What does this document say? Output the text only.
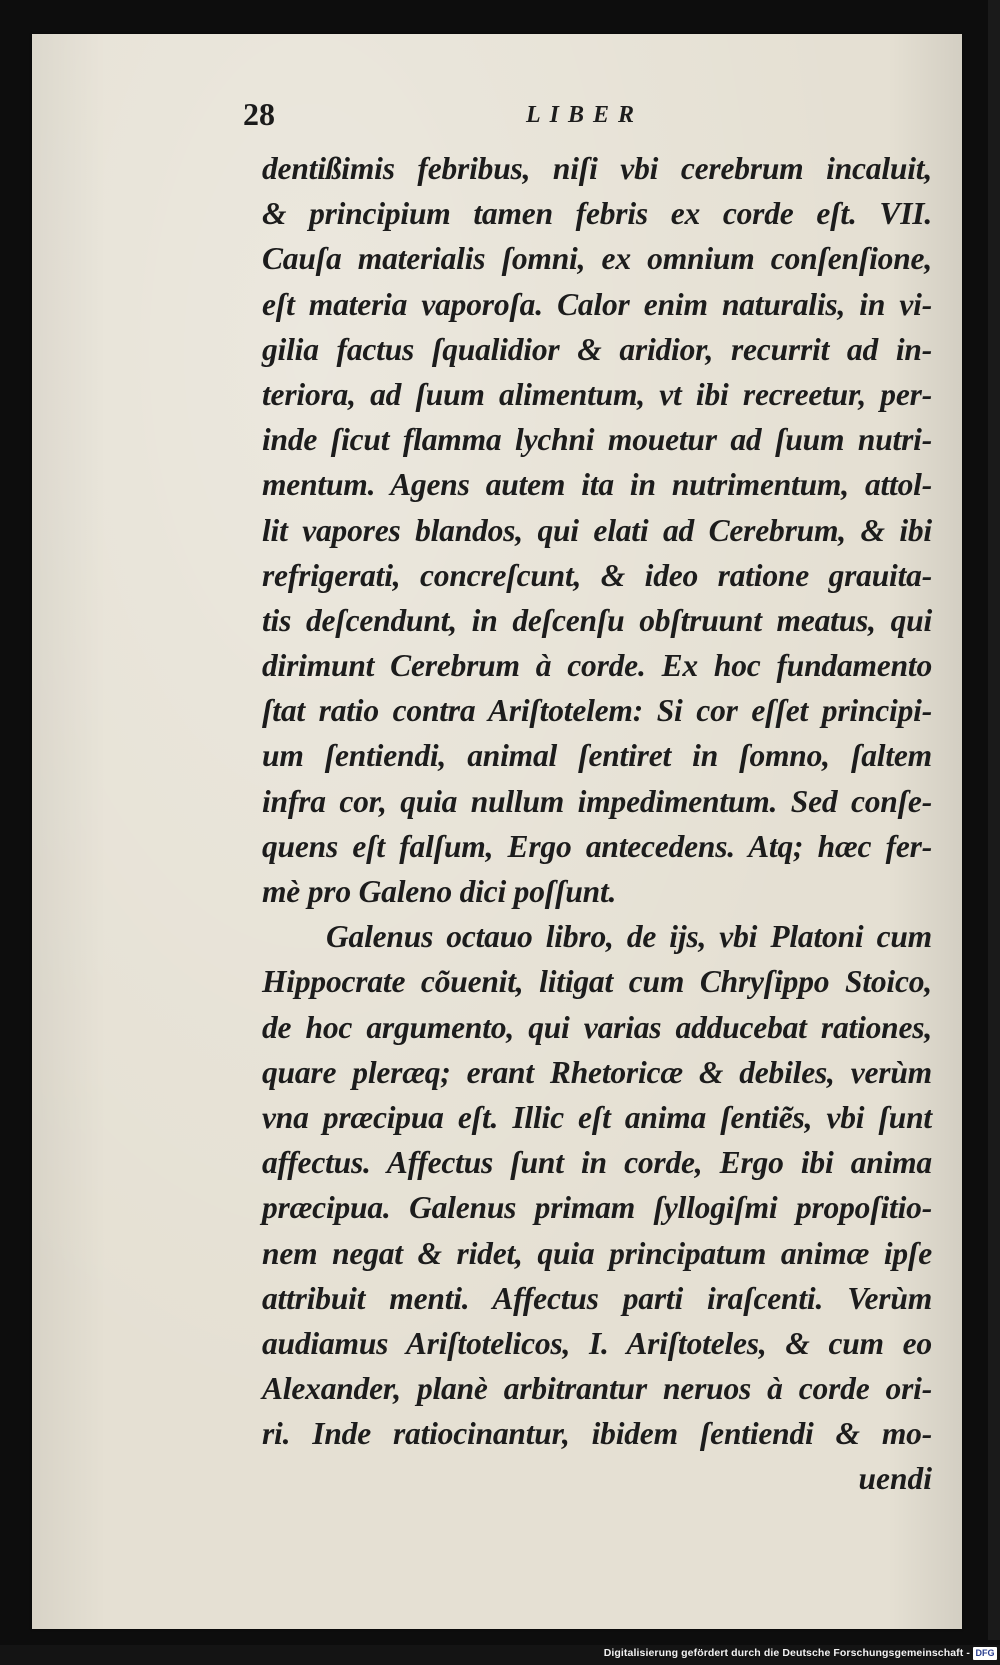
28	LIBER
dentißimis febribus, niſi vbi cerebrum incaluit,
& principium tamen febris ex corde eſt. VII.
Cauſa materialis ſomni, ex omnium conſenſione,
eſt materia vaporoſa. Calor enim naturalis, in vi-
gilia factus ſqualidior & aridior, recurrit ad in-
teriora, ad ſuum alimentum, vt ibi recreetur, per-
inde ſicut flamma lychni mouetur ad ſuum nutri-
mentum. Agens autem ita in nutrimentum, attol-
lit vapores blandos, qui elati ad Cerebrum, & ibi
refrigerati, concreſcunt, & ideo ratione grauita-
tis deſcendunt, in deſcenſu obſtruunt meatus, qui
dirimunt Cerebrum à corde. Ex hoc fundamento
ſtat ratio contra Ariſtotelem: Si cor eſſet principi-
um ſentiendi, animal ſentiret in ſomno, ſaltem
infra cor, quia nullum impedimentum. Sed conſe-
quens eſt falſum, Ergo antecedens. Atq; hæc fer-
mè pro Galeno dici poſſunt.
Galenus octauo libro, de ijs, vbi Platoni cum
Hippocrate cõuenit, litigat cum Chryſippo Stoico,
de hoc argumento, qui varias adducebat rationes,
quare pleræq; erant Rhetoricæ & debiles, verùm
vna præcipua eſt. Illic eſt anima ſentiẽs, vbi ſunt
affectus. Affectus ſunt in corde, Ergo ibi anima
præcipua. Galenus primam ſyllogiſmi propoſitio-
nem negat & ridet, quia principatum animæ ipſe
attribuit menti. Affectus parti iraſcenti. Verùm
audiamus Ariſtotelicos, I. Ariſtoteles, & cum eo
Alexander, planè arbitrantur neruos à corde ori-
ri. Inde ratiocinantur, ibidem ſentiendi & mo-
uendi
Digitalisierung gefördert durch die Deutsche Forschungsgemeinschaft - DFG
